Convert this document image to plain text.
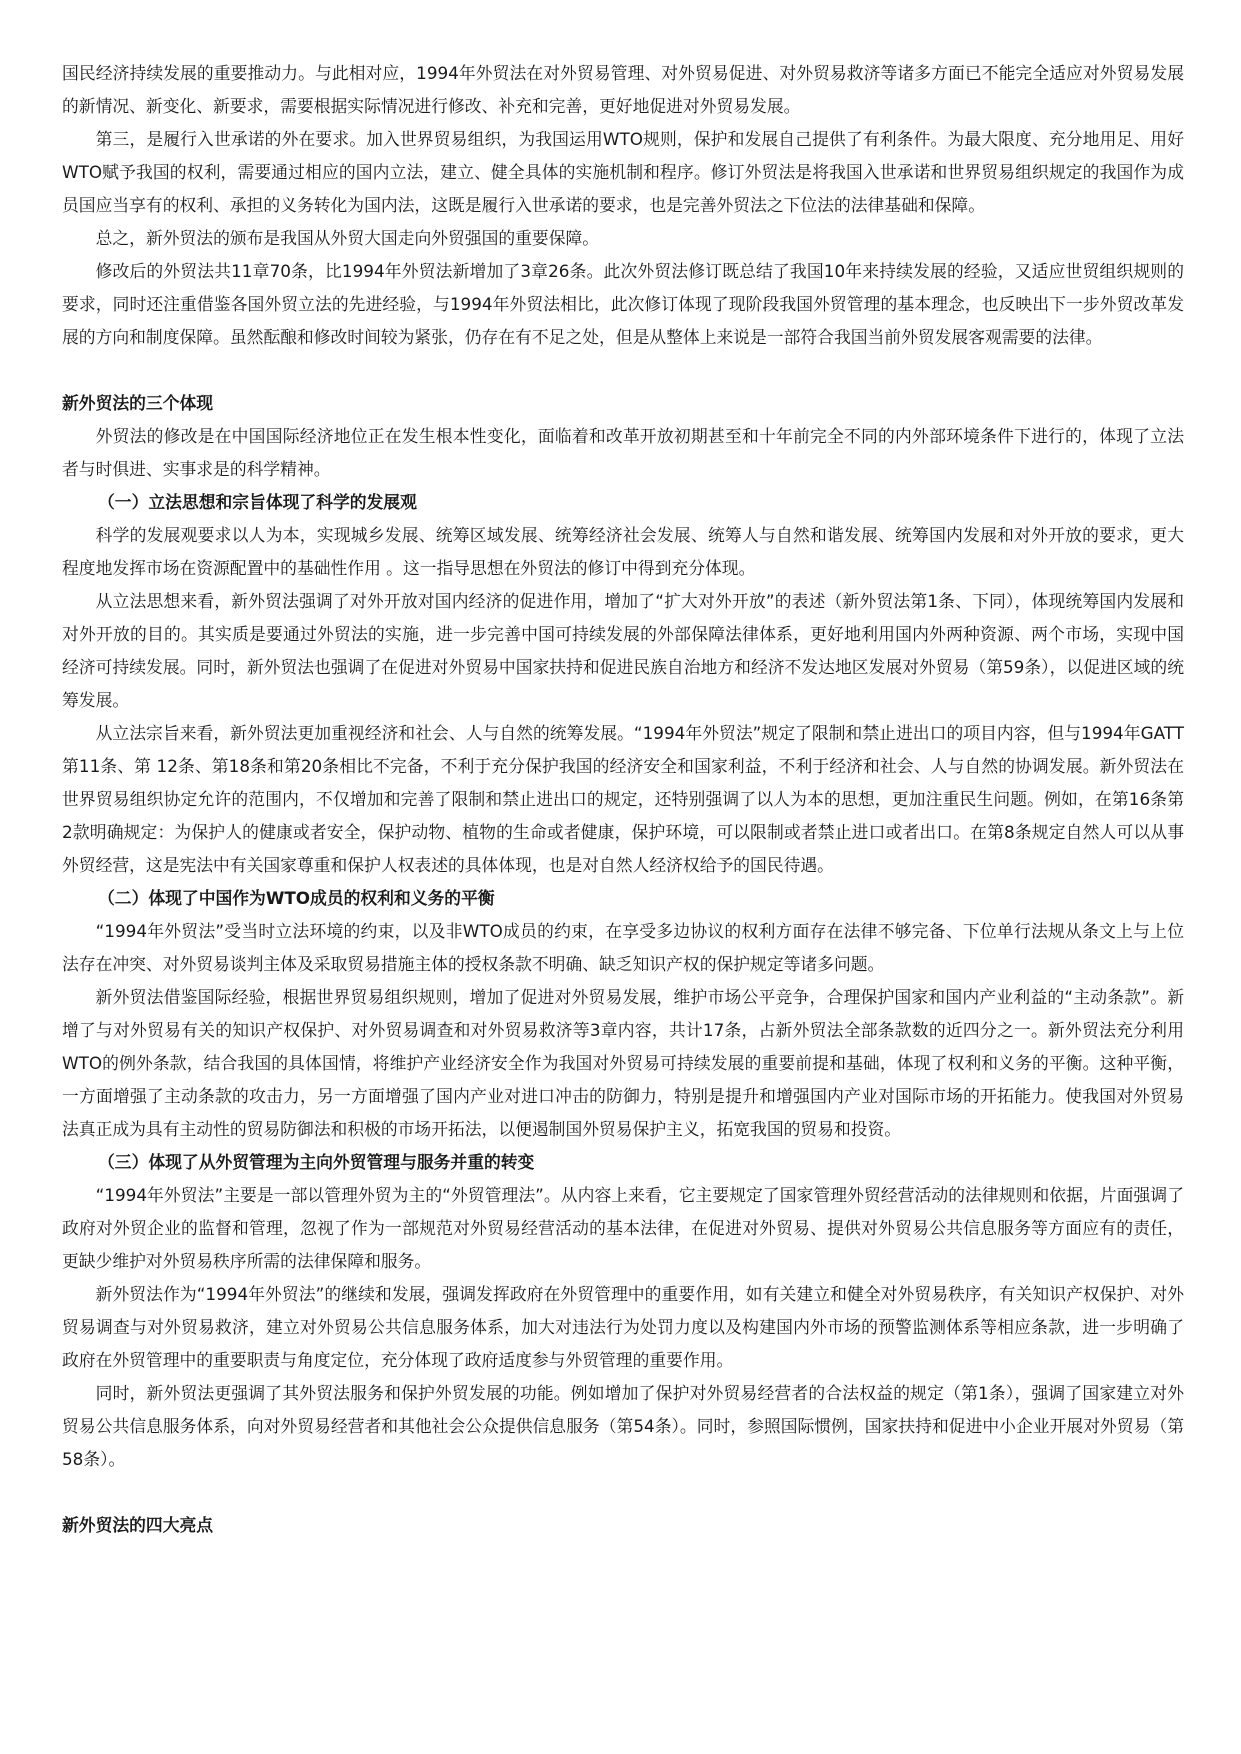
国民经济持续发展的重要推动力。与此相对应，1994年外贸法在对外贸易管理、对外贸易促进、对外贸易救济等诸多方面已不能完全适应对外贸易发展的新情况、新变化、新要求，需要根据实际情况进行修改、补充和完善，更好地促进对外贸易发展。

第三，是履行入世承诺的外在要求。加入世界贸易组织，为我国运用WTO规则，保护和发展自己提供了有利条件。为最大限度、充分地用足、用好WTO赋予我国的权利，需要通过相应的国内立法，建立、健全具体的实施机制和程序。修订外贸法是将我国入世承诺和世界贸易组织规定的我国作为成员国应当享有的权利、承担的义务转化为国内法，这既是履行入世承诺的要求，也是完善外贸法之下位法的法律基础和保障。

总之，新外贸法的颁布是我国从外贸大国走向外贸强国的重要保障。

修改后的外贸法共11章70条，比1994年外贸法新增加了3章26条。此次外贸法修订既总结了我国10年来持续发展的经验，又适应世贸组织规则的要求，同时还注重借鉴各国外贸立法的先进经验，与1994年外贸法相比，此次修订体现了现阶段我国外贸管理的基本理念，也反映出下一步外贸改革发展的方向和制度保障。虽然酝酿和修改时间较为紧张，仍存在有不足之处，但是从整体上来说是一部符合我国当前外贸发展客观需要的法律。

新外贸法的三个体现

外贸法的修改是在中国国际经济地位正在发生根本性变化，面临着和改革开放初期甚至和十年前完全不同的内外部环境条件下进行的，体现了立法者与时俱进、实事求是的科学精神。

（一）立法思想和宗旨体现了科学的发展观

科学的发展观要求以人为本，实现城乡发展、统筹区域发展、统筹经济社会发展、统筹人与自然和谐发展、统筹国内发展和对外开放的要求，更大程度地发挥市场在资源配置中的基础性作用 。这一指导思想在外贸法的修订中得到充分体现。

从立法思想来看，新外贸法强调了对外开放对国内经济的促进作用，增加了“扩大对外开放”的表述（新外贸法第1条、下同），体现统筹国内发展和对外开放的目的。其实质是要通过外贸法的实施，进一步完善中国可持续发展的外部保障法律体系，更好地利用国内外两种资源、两个市场，实现中国经济可持续发展。同时，新外贸法也强调了在促进对外贸易中国家扶持和促进民族自治地方和经济不发达地区发展对外贸易（第59条），以促进区域的统筹发展。

从立法宗旨来看，新外贸法更加重视经济和社会、人与自然的统筹发展。“1994年外贸法”规定了限制和禁止进出口的项目内容，但与1994年GATT第11条、第 12条、第18条和第20条相比不完备，不利于充分保护我国的经济安全和国家利益，不利于经济和社会、人与自然的协调发展。新外贸法在世界贸易组织协定允许的范围内，不仅增加和完善了限制和禁止进出口的规定，还特别强调了以人为本的思想，更加注重民生问题。例如，在第16条第2款明确规定：为保护人的健康或者安全，保护动物、植物的生命或者健康，保护环境，可以限制或者禁止进口或者出口。在第8条规定自然人可以从事外贸经营，这是宪法中有关国家尊重和保护人权表述的具体体现，也是对自然人经济权给予的国民待遇。

（二）体现了中国作为WTO成员的权利和义务的平衡

“1994年外贸法”受当时立法环境的约束，以及非WTO成员的约束，在享受多边协议的权利方面存在法律不够完备、下位单行法规从条文上与上位法存在冲突、对外贸易谈判主体及采取贸易措施主体的授权条款不明确、缺乏知识产权的保护规定等诸多问题。

新外贸法借鉴国际经验，根据世界贸易组织规则，增加了促进对外贸易发展，维护市场公平竞争，合理保护国家和国内产业利益的“主动条款”。新增了与对外贸易有关的知识产权保护、对外贸易调查和对外贸易救济等3章内容，共计17条，占新外贸法全部条款数的近四分之一。新外贸法充分利用WTO的例外条款，结合我国的具体国情，将维护产业经济安全作为我国对外贸易可持续发展的重要前提和基础，体现了权利和义务的平衡。这种平衡，一方面增强了主动条款的攻击力，另一方面增强了国内产业对进口冲击的防御力，特别是提升和增强国内产业对国际市场的开拓能力。使我国对外贸易法真正成为具有主动性的贸易防御法和积极的市场开拓法，以便遏制国外贸易保护主义，拓宽我国的贸易和投资。

（三）体现了从外贸管理为主向外贸管理与服务并重的转变

“1994年外贸法”主要是一部以管理外贸为主的“外贸管理法”。从内容上来看，它主要规定了国家管理外贸经营活动的法律规则和依据，片面强调了政府对外贸企业的监督和管理，忽视了作为一部规范对外贸易经营活动的基本法律，在促进对外贸易、提供对外贸易公共信息服务等方面应有的责任，更缺少维护对外贸易秩序所需的法律保障和服务。

新外贸法作为“1994年外贸法”的继续和发展，强调发挥政府在外贸管理中的重要作用，如有关建立和健全对外贸易秩序，有关知识产权保护、对外贸易调查与对外贸易救济，建立对外贸易公共信息服务体系，加大对违法行为处罚力度以及构建国内外市场的预警监测体系等相应条款，进一步明确了政府在外贸管理中的重要职责与角度定位，充分体现了政府适度参与外贸管理的重要作用。

同时，新外贸法更强调了其外贸法服务和保护外贸发展的功能。例如增加了保护对外贸易经营者的合法权益的规定（第1条），强调了国家建立对外贸易公共信息服务体系，向对外贸易经营者和其他社会公众提供信息服务（第54条）。同时，参照国际惯例，国家扶持和促进中小企业开展对外贸易（第58条）。

新外贸法的四大亮点
